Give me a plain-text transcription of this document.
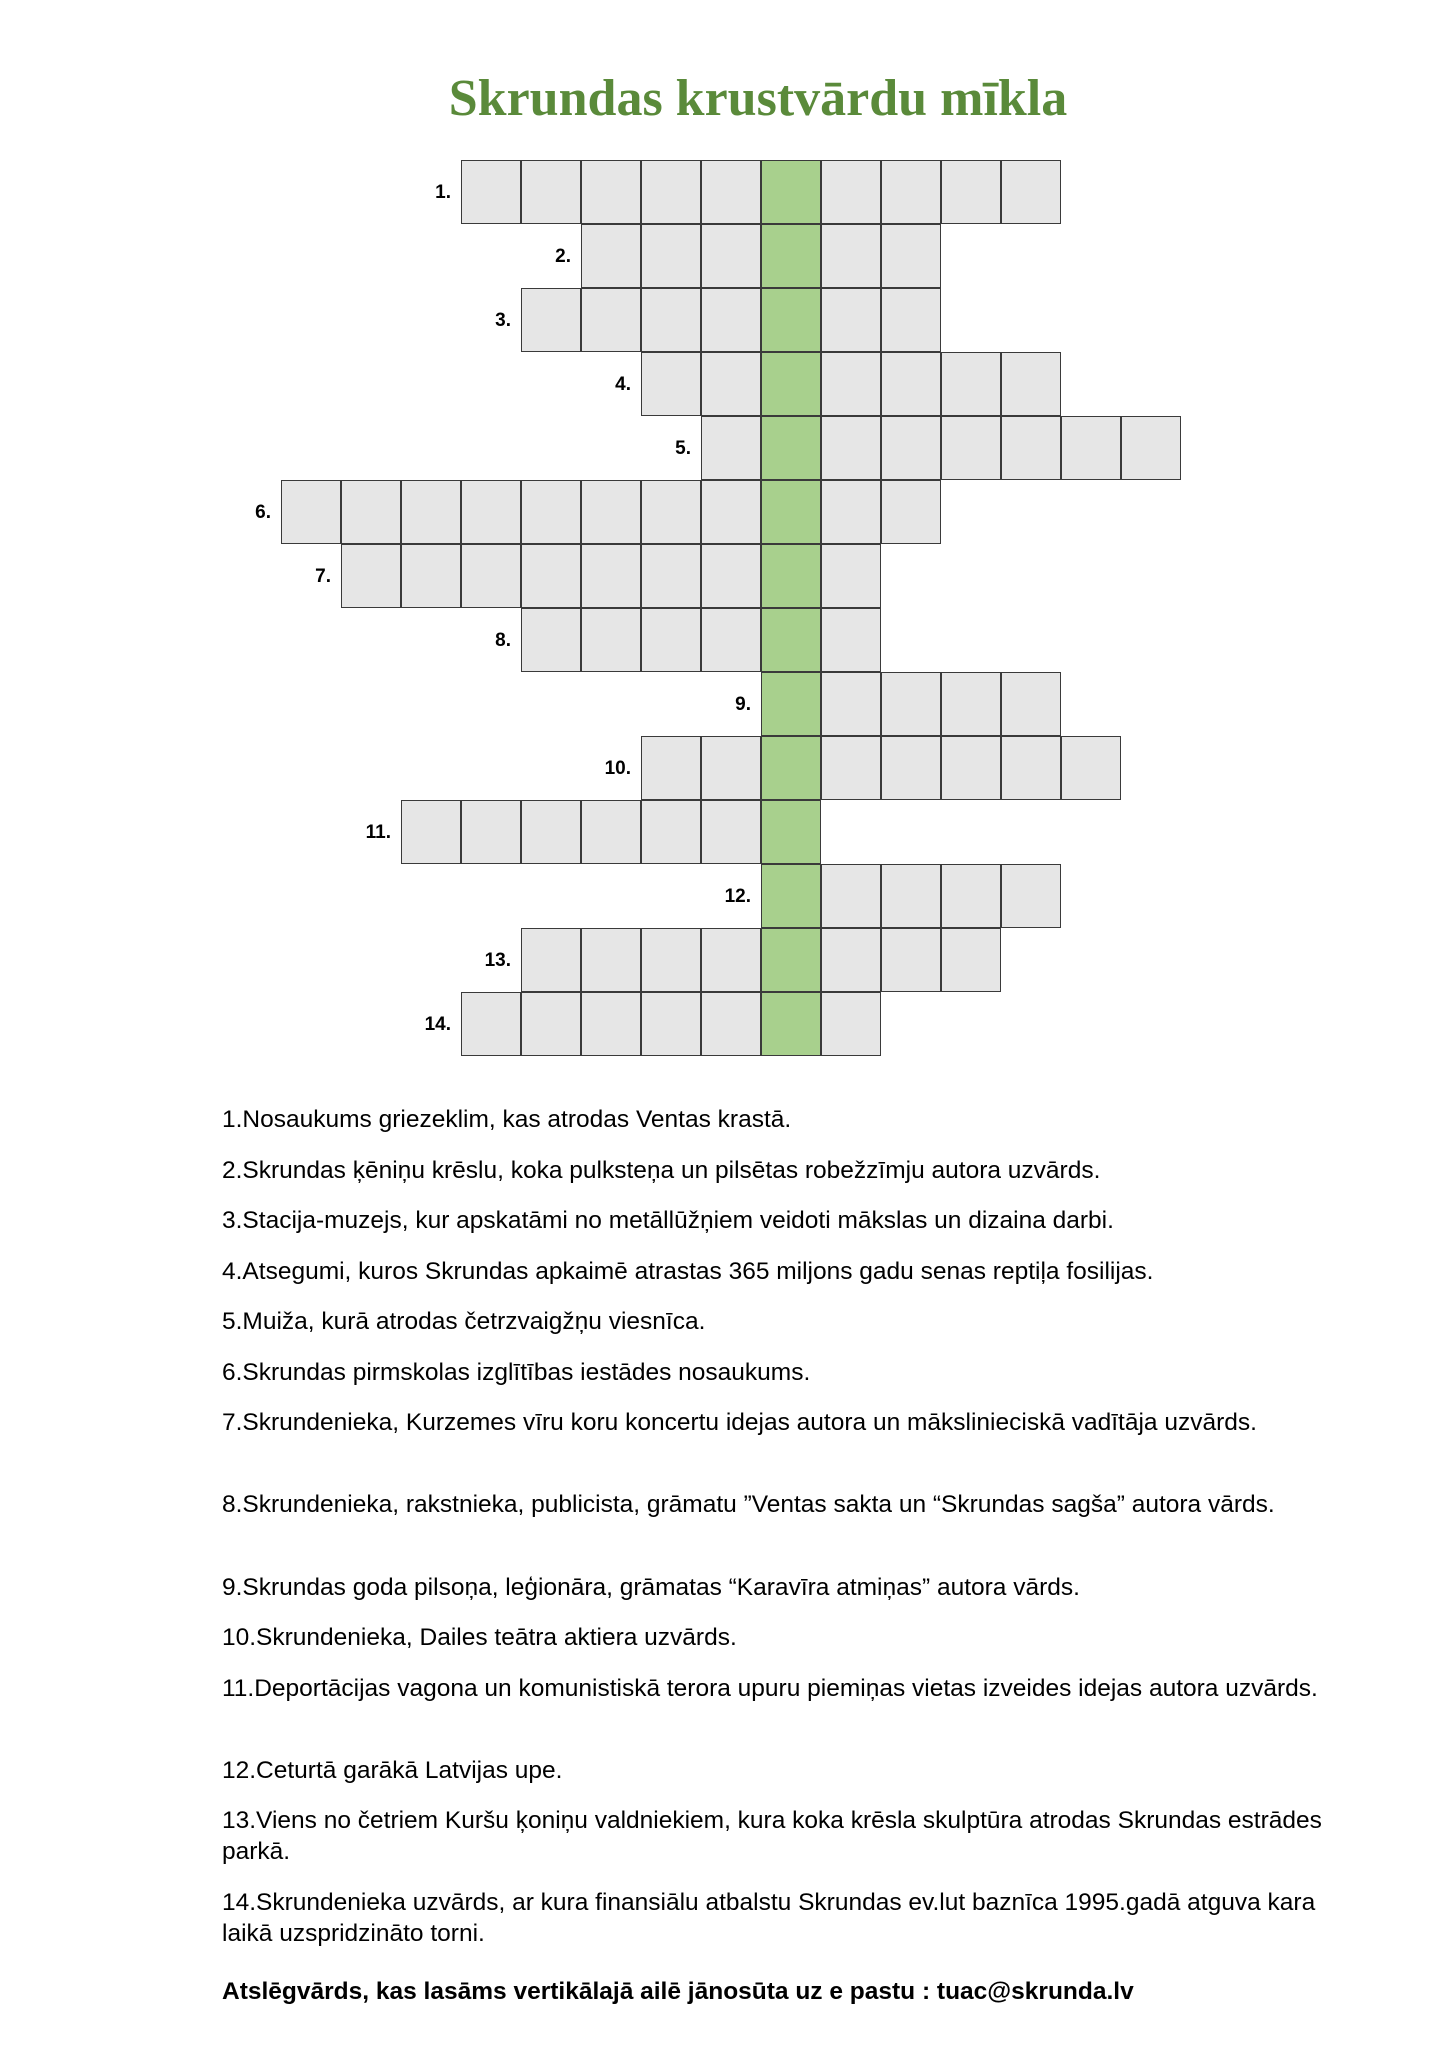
Skrundas krustvārdu mīkla
1.
2.
3.
4.
5.
6.
7.
8.
9.
10.
11.
12.
13.
14.
1.Nosaukums griezeklim, kas atrodas Ventas krastā.
2.Skrundas ķēniņu krēslu, koka pulksteņa un pilsētas robežzīmju autora uzvārds.
3.Stacija-muzejs, kur apskatāmi no metāllūžņiem veidoti mākslas un dizaina darbi.
4.Atsegumi, kuros Skrundas apkaimē atrastas 365 miljons gadu senas reptiļa fosilijas.
5.Muiža, kurā atrodas četrzvaigžņu viesnīca.
6.Skrundas pirmskolas izglītības iestādes nosaukums.
7.Skrundenieka, Kurzemes vīru koru koncertu idejas autora un mākslinieciskā vadītāja uzvārds.
8.Skrundenieka, rakstnieka, publicista, grāmatu ”Ventas sakta un “Skrundas sagša” autora vārds.
9.Skrundas goda pilsoņa, leģionāra, grāmatas “Karavīra atmiņas” autora vārds.
10.Skrundenieka, Dailes teātra aktiera uzvārds.
11.Deportācijas vagona un komunistiskā terora upuru piemiņas vietas izveides idejas autora uzvārds.
12.Ceturtā garākā Latvijas upe.
13.Viens no četriem Kuršu ķoniņu valdniekiem, kura koka krēsla skulptūra atrodas Skrundas estrādes parkā.
14.Skrundenieka uzvārds, ar kura finansiālu atbalstu Skrundas ev.lut baznīca 1995.gadā atguva kara laikā uzspridzināto torni.
Atslēgvārds, kas lasāms vertikālajā ailē jānosūta uz e pastu : tuac@skrunda.lv
